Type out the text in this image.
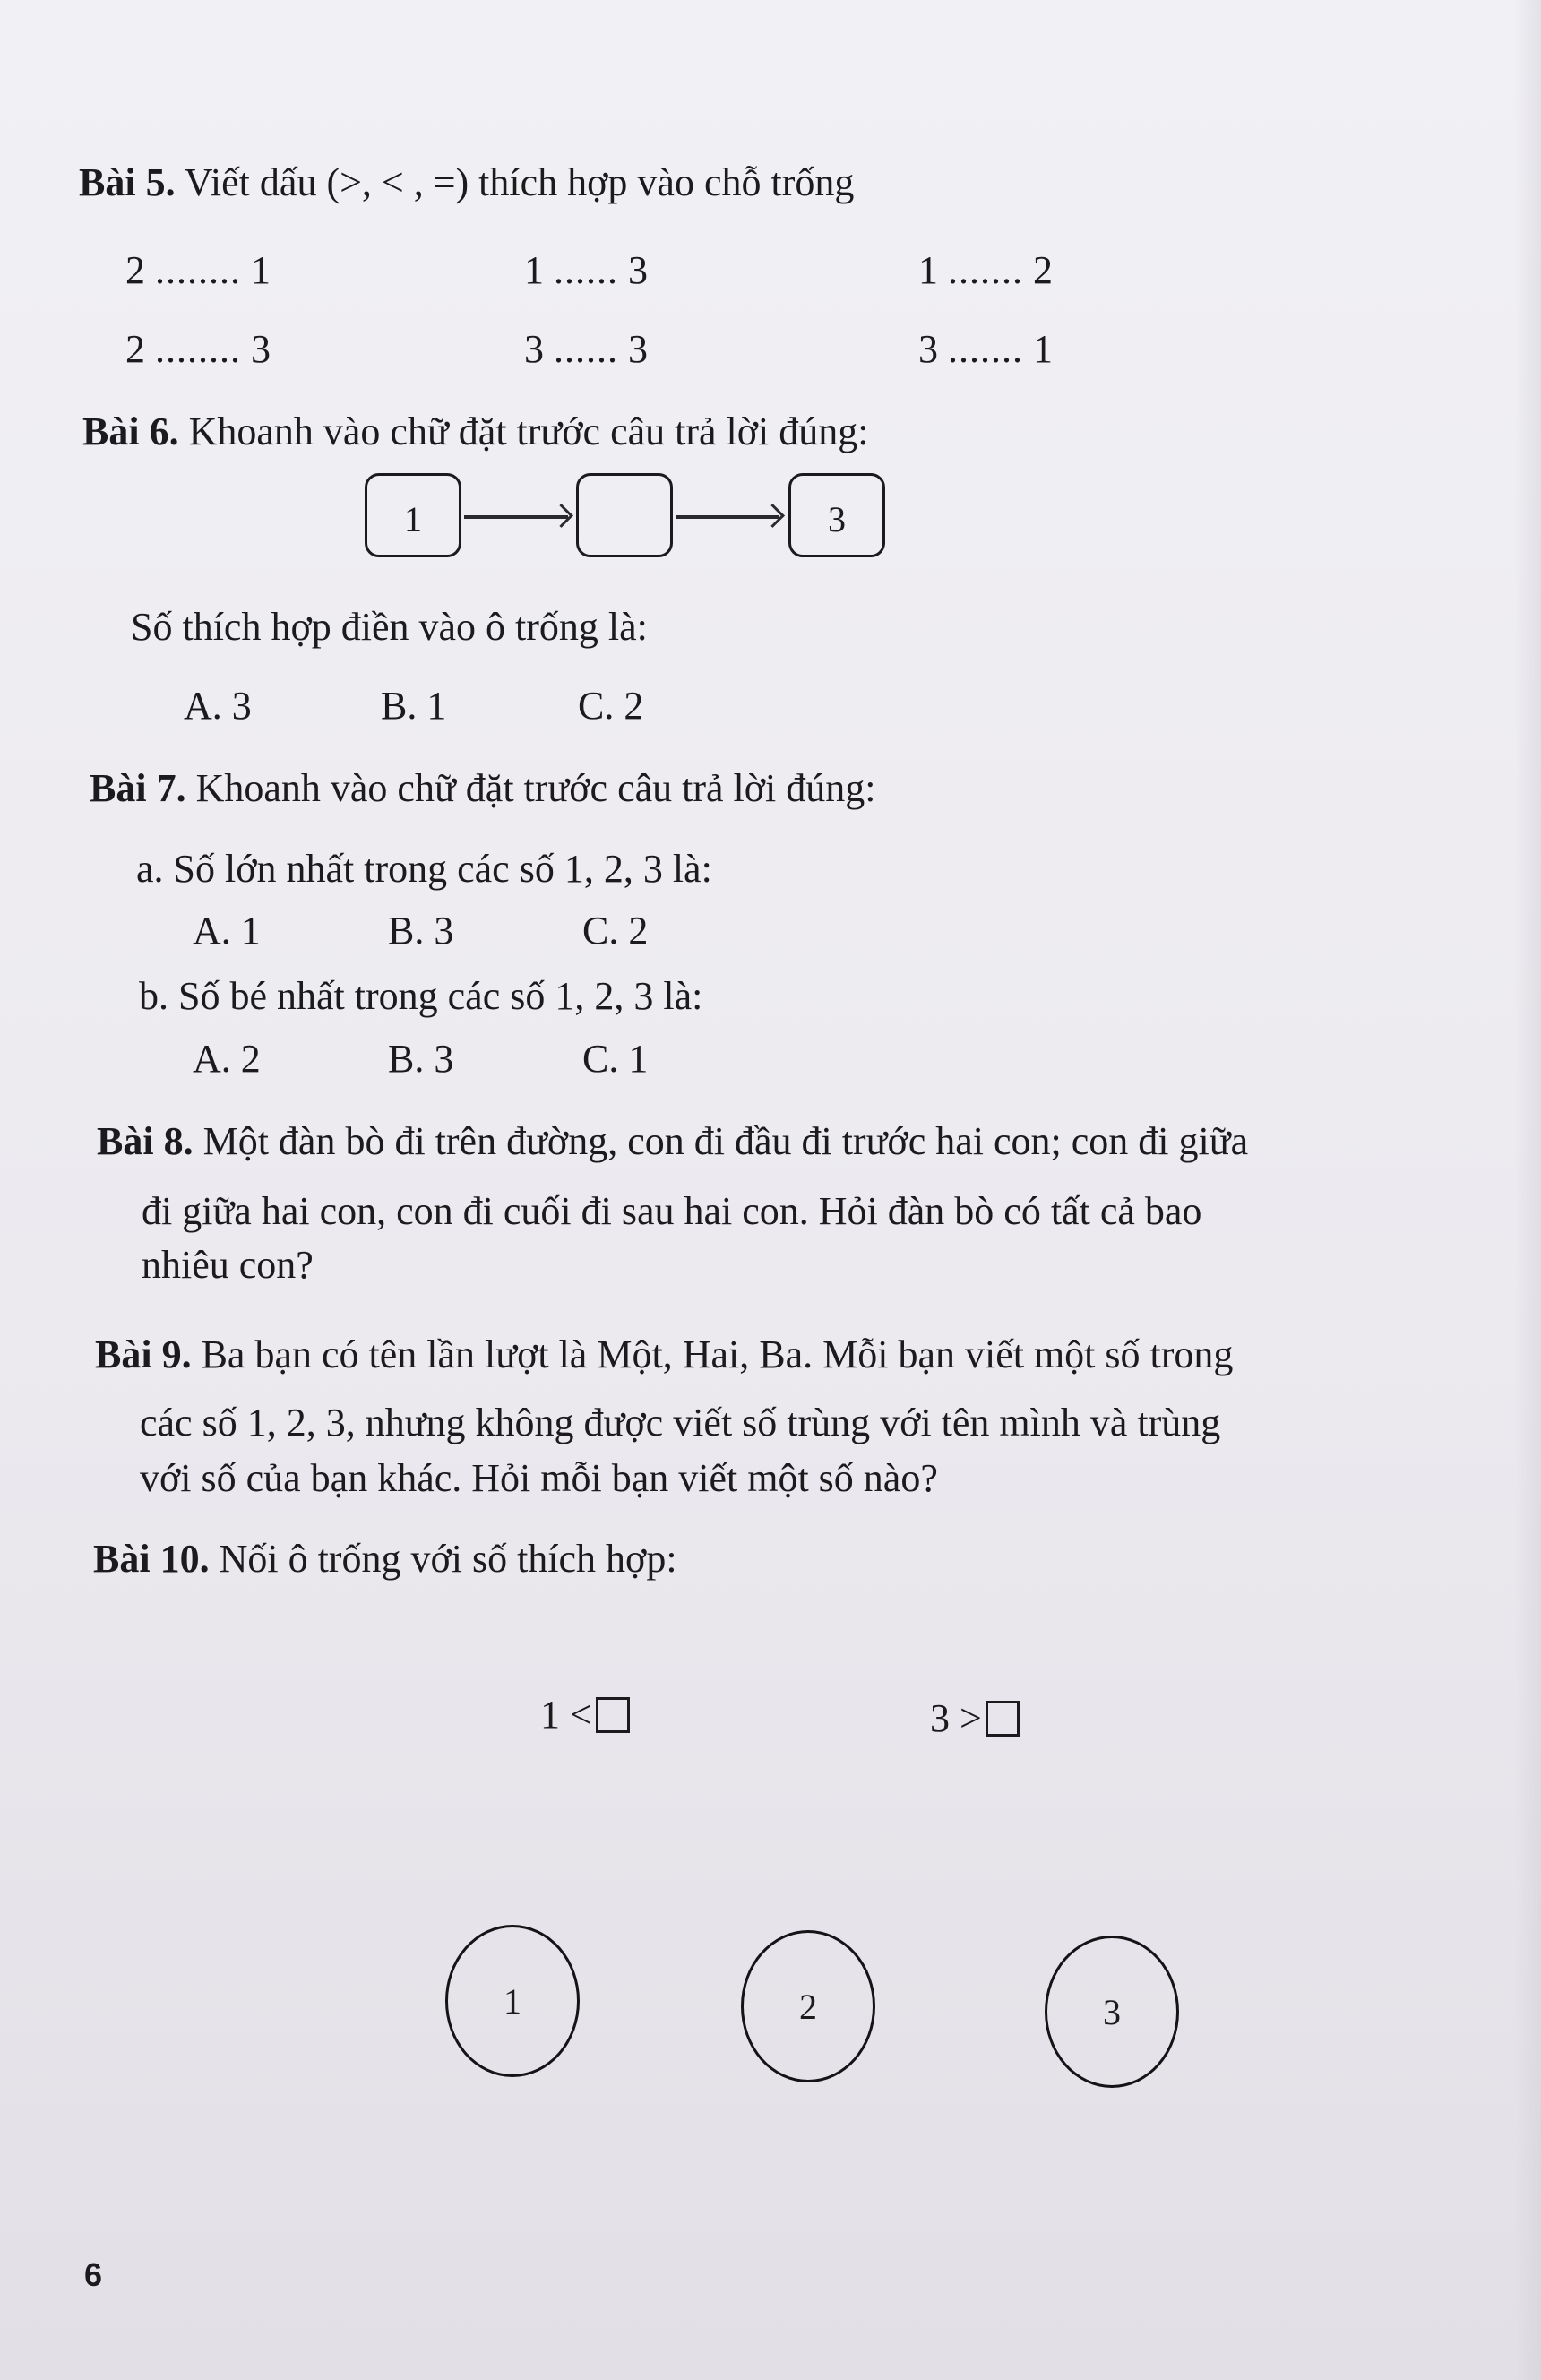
Bài 5. Viết dấu (>, < , =) thích hợp vào chỗ trống
2 ........ 1	1 ...... 3	1 ....... 2
2 ........ 3	3 ...... 3	3 ....... 1
Bài 6. Khoanh vào chữ đặt trước câu trả lời đúng:
1	3
Số thích hợp điền vào ô trống là:
A. 3	B. 1	C. 2
Bài 7. Khoanh vào chữ đặt trước câu trả lời đúng:
a. Số lớn nhất trong các số 1, 2, 3 là:
A. 1	B. 3	C. 2
b. Số bé nhất trong các số 1, 2, 3 là:
A. 2	B. 3	C. 1
Bài 8. Một đàn bò đi trên đường, con đi đầu đi trước hai con; con đi giữa
đi giữa hai con, con đi cuối đi sau hai con. Hỏi đàn bò có tất cả bao
nhiêu con?
Bài 9. Ba bạn có tên lần lượt là Một, Hai, Ba. Mỗi bạn viết một số trong
các số 1, 2, 3, nhưng không được viết số trùng với tên mình và trùng
với số của bạn khác. Hỏi mỗi bạn viết một số nào?
Bài 10. Nối ô trống với số thích hợp:
1 <	3 >
1	2	3
6
